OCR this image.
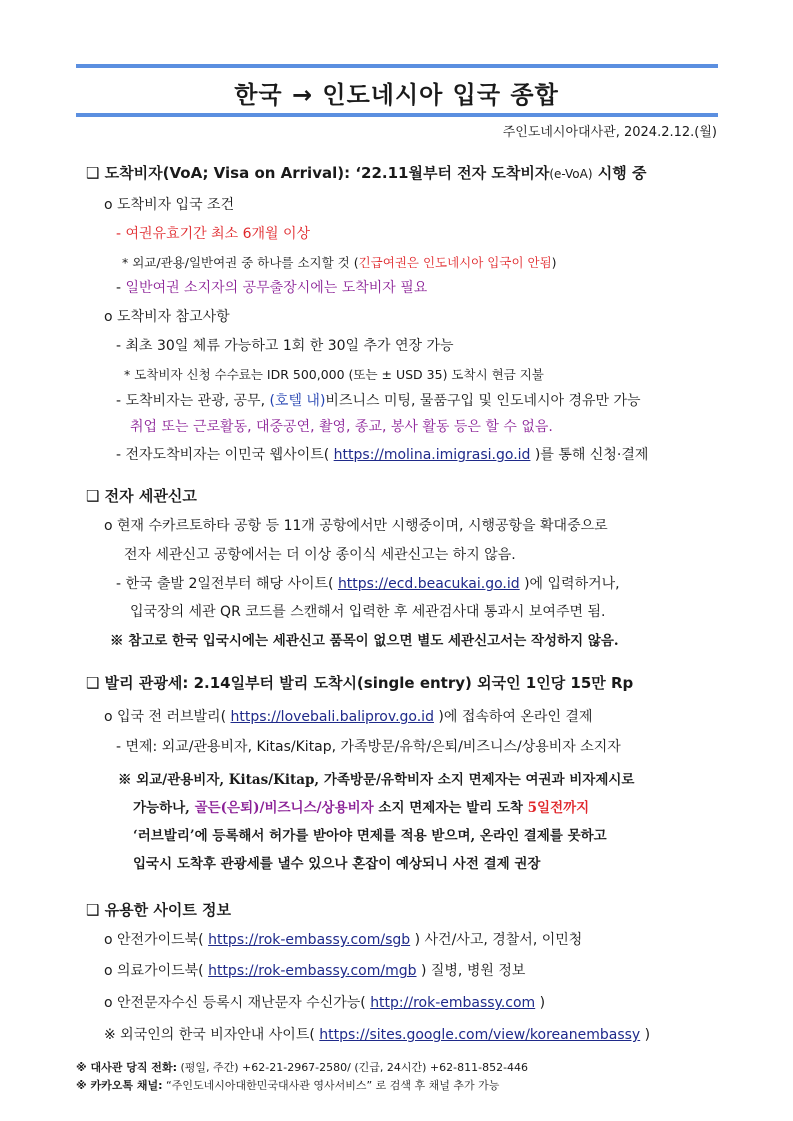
한국 → 인도네시아 입국 종합
주인도네시아대사관, 2024.2.12.(월)
❑ 도착비자(VoA; Visa on Arrival): ‘22.11월부터 전자 도착비자(e-VoA) 시행 중
o 도착비자 입국 조건
- 여권유효기간 최소 6개월 이상
* 외교/관용/일반여권 중 하나를 소지할 것 (긴급여권은 인도네시아 입국이 안됨)
- 일반여권 소지자의 공무출장시에는 도착비자 필요
o 도착비자 참고사항
- 최초 30일 체류 가능하고 1회 한 30일 추가 연장 가능
* 도착비자 신청 수수료는 IDR 500,000 (또는 ± USD 35) 도착시 현금 지불
- 도착비자는 관광, 공무, (호텔 내)비즈니스 미팅, 물품구입 및 인도네시아 경유만 가능
취업 또는 근로활동, 대중공연, 촬영, 종교, 봉사 활동 등은 할 수 없음.
- 전자도착비자는 이민국 웹사이트( https://molina.imigrasi.go.id )를 통해 신청·결제
❑ 전자 세관신고
o 현재 수카르토하타 공항 등 11개 공항에서만 시행중이며, 시행공항을 확대중으로
전자 세관신고 공항에서는 더 이상 종이식 세관신고는 하지 않음.
- 한국 출발 2일전부터 해당 사이트( https://ecd.beacukai.go.id )에 입력하거나,
입국장의 세관 QR 코드를 스캔해서 입력한 후 세관검사대 통과시 보여주면 됨.
※ 참고로 한국 입국시에는 세관신고 품목이 없으면 별도 세관신고서는 작성하지 않음.
❑ 발리 관광세: 2.14일부터 발리 도착시(single entry) 외국인 1인당 15만 Rp
o 입국 전 러브발리( https://lovebali.baliprov.go.id )에 접속하여 온라인 결제
- 면제: 외교/관용비자, Kitas/Kitap, 가족방문/유학/은퇴/비즈니스/상용비자 소지자
※ 외교/관용비자, Kitas/Kitap, 가족방문/유학비자 소지 면제자는 여권과 비자제시로
가능하나, 골든(은퇴)/비즈니스/상용비자 소지 면제자는 발리 도착 5일전까지
‘러브발리’에 등록해서 허가를 받아야 면제를 적용 받으며, 온라인 결제를 못하고
입국시 도착후 관광세를 낼수 있으나 혼잡이 예상되니 사전 결제 권장
❑ 유용한 사이트 정보
o 안전가이드북( https://rok-embassy.com/sgb ) 사건/사고, 경찰서, 이민청
o 의료가이드북( https://rok-embassy.com/mgb ) 질병, 병원 정보
o 안전문자수신 등록시 재난문자 수신가능( http://rok-embassy.com )
※ 외국인의 한국 비자안내 사이트( https://sites.google.com/view/koreanembassy )
※ 대사관 당직 전화: (평일, 주간) +62-21-2967-2580/ (긴급, 24시간) +62-811-852-446
※ 카카오톡 채널: “주인도네시아대한민국대사관 영사서비스” 로 검색 후 채널 추가 가능
